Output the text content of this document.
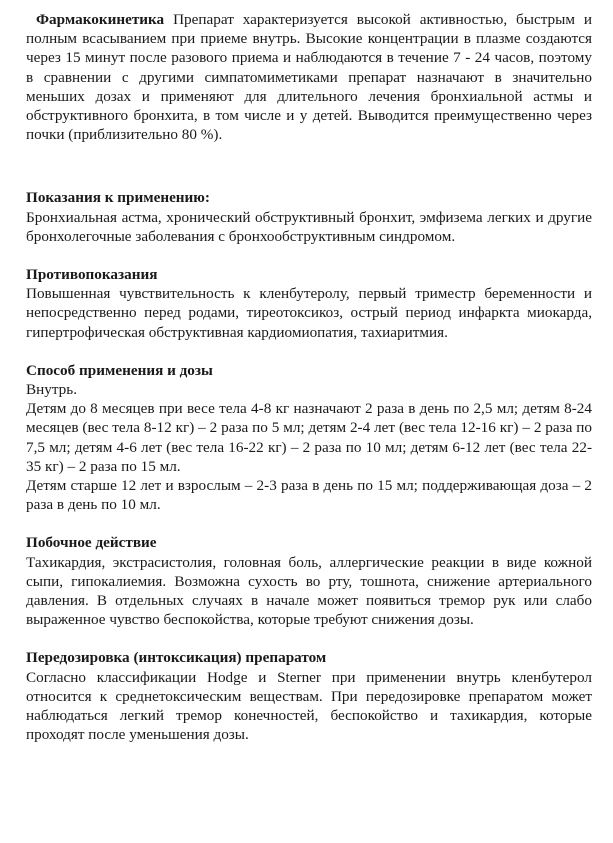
Фармакокинетика Препарат характеризуется высокой активностью, быстрым и полным всасыванием при приеме внутрь. Высокие концентрации в плазме создаются через 15 минут после разового приема и наблюдаются в течение 7 - 24 часов, поэтому в сравнении с другими симпатомиметиками препарат назначают в значительно меньших дозах и применяют для длительного лечения бронхиальной астмы и обструктивного бронхита, в том числе и у детей. Выводится преимущественно через почки (приблизительно 80 %).

Показания к применению:

Бронхиальная астма, хронический обструктивный бронхит, эмфизема легких и другие бронхолегочные заболевания с бронхообструктивным синдромом.

Противопоказания

Повышенная чувствительность к кленбутеролу, первый триместр беременности и непосредственно перед родами, тиреотоксикоз, острый период инфаркта миокарда, гипертрофическая обструктивная кардиомиопатия, тахиаритмия.

Способ применения и дозы

Внутрь.

Детям до 8 месяцев при весе тела 4-8 кг назначают 2 раза в день по 2,5 мл; детям 8-24 месяцев (вес тела 8-12 кг) – 2 раза по 5 мл; детям 2-4 лет (вес тела 12-16 кг) – 2 раза по 7,5 мл; детям 4-6 лет (вес тела 16-22 кг) – 2 раза по 10 мл; детям 6-12 лет (вес тела 22-35 кг) – 2 раза по 15 мл.

Детям старше 12 лет и взрослым – 2-3 раза в день по 15 мл; поддерживающая доза – 2 раза в день по 10 мл.

Побочное действие

Тахикардия, экстрасистолия, головная боль, аллергические реакции в виде кожной сыпи, гипокалиемия. Возможна сухость во рту, тошнота, снижение артериального давления. В отдельных случаях в начале может появиться тремор рук или слабо выраженное чувство беспокойства, которые требуют снижения дозы.

Передозировка (интоксикация) препаратом

Согласно классификации Hodge и Sterner при применении внутрь кленбутерол относится к среднетоксическим веществам. При передозировке препаратом может наблюдаться легкий тремор конечностей, беспокойство и тахикардия, которые проходят после уменьшения дозы.
